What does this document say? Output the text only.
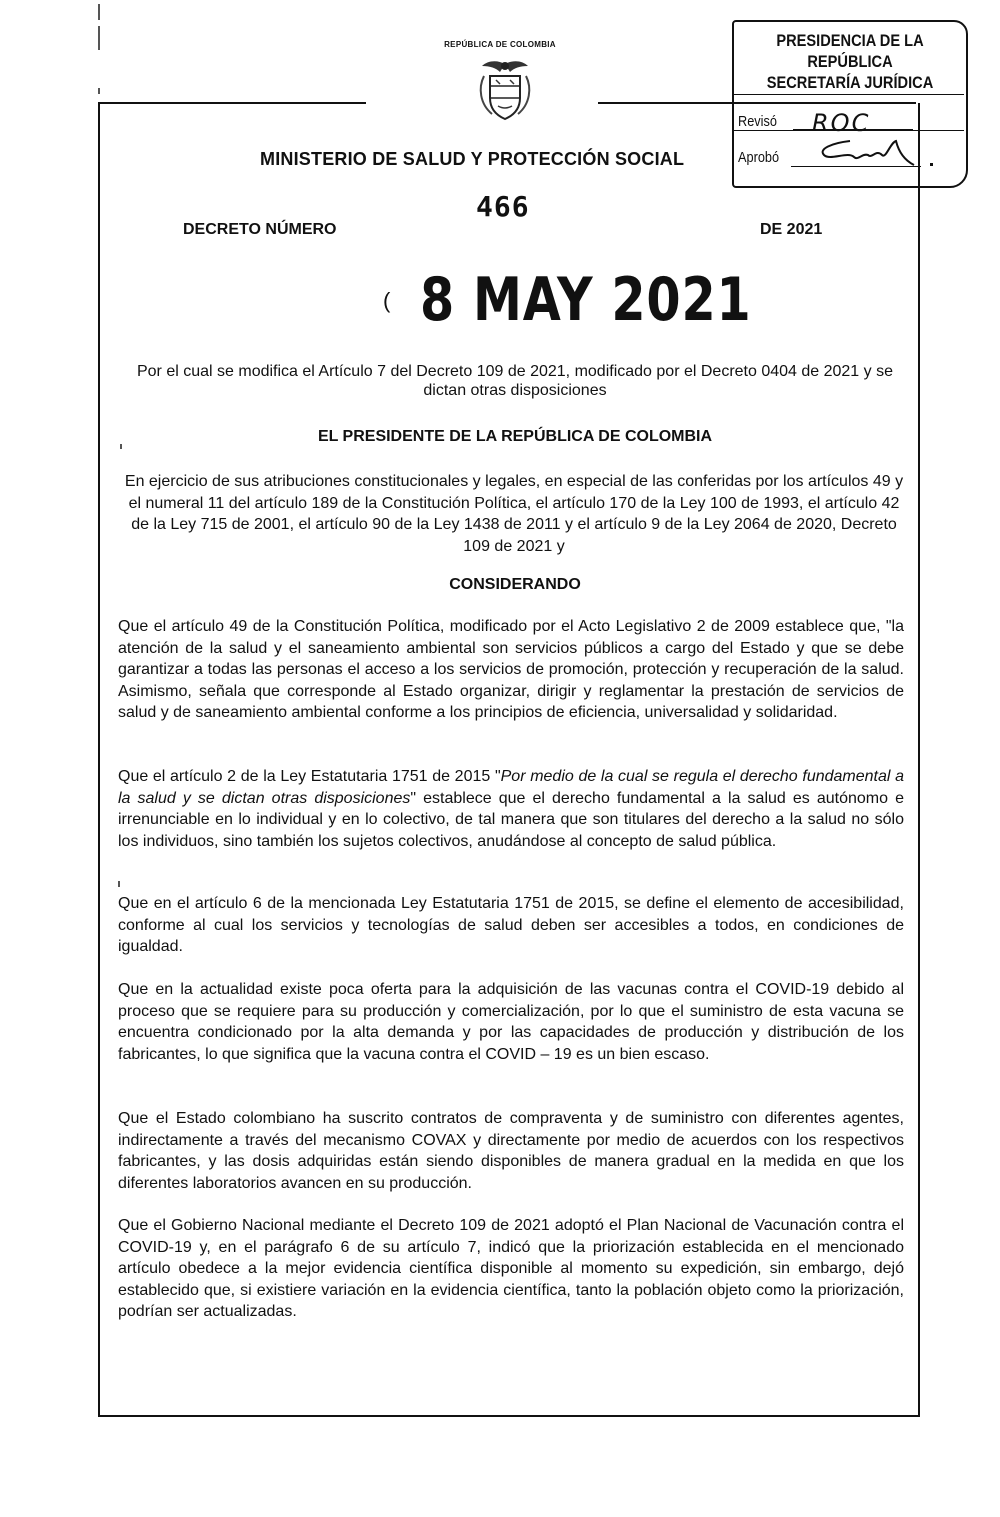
REPÚBLICA DE COLOMBIA
MINISTERIO DE SALUD Y PROTECCIÓN SOCIAL
DECRETO NÚMERO
466
DE 2021
( 8 MAY 2021
PRESIDENCIA DE LA REPÚBLICA
SECRETARÍA JURÍDICA
Revisó ROC
Aprobó
Por el cual se modifica el Artículo 7 del Decreto 109 de 2021, modificado por el Decreto 0404 de 2021 y se dictan otras disposiciones
EL PRESIDENTE DE LA REPÚBLICA DE COLOMBIA
En ejercicio de sus atribuciones constitucionales y legales, en especial de las conferidas por los artículos 49 y el numeral 11 del artículo 189 de la Constitución Política, el artículo 170 de la Ley 100 de 1993, el artículo 42 de la Ley 715 de 2001, el artículo 90 de la Ley 1438 de 2011 y el artículo 9 de la Ley 2064 de 2020, Decreto 109 de 2021 y
CONSIDERANDO
Que el artículo 49 de la Constitución Política, modificado por el Acto Legislativo 2 de 2009 establece que, "la atención de la salud y el saneamiento ambiental son servicios públicos a cargo del Estado y que se debe garantizar a todas las personas el acceso a los servicios de promoción, protección y recuperación de la salud. Asimismo, señala que corresponde al Estado organizar, dirigir y reglamentar la prestación de servicios de salud y de saneamiento ambiental conforme a los principios de eficiencia, universalidad y solidaridad.
Que el artículo 2 de la Ley Estatutaria 1751 de 2015 "Por medio de la cual se regula el derecho fundamental a la salud y se dictan otras disposiciones" establece que el derecho fundamental a la salud es autónomo e irrenunciable en lo individual y en lo colectivo, de tal manera que son titulares del derecho a la salud no sólo los individuos, sino también los sujetos colectivos, anudándose al concepto de salud pública.
Que en el artículo 6 de la mencionada Ley Estatutaria 1751 de 2015, se define el elemento de accesibilidad, conforme al cual los servicios y tecnologías de salud deben ser accesibles a todos, en condiciones de igualdad.
Que en la actualidad existe poca oferta para la adquisición de las vacunas contra el COVID-19 debido al proceso que se requiere para su producción y comercialización, por lo que el suministro de esta vacuna se encuentra condicionado por la alta demanda y por las capacidades de producción y distribución de los fabricantes, lo que significa que la vacuna contra el COVID – 19 es un bien escaso.
Que el Estado colombiano ha suscrito contratos de compraventa y de suministro con diferentes agentes, indirectamente a través del mecanismo COVAX y directamente por medio de acuerdos con los respectivos fabricantes, y las dosis adquiridas están siendo disponibles de manera gradual en la medida en que los diferentes laboratorios avancen en su producción.
Que el Gobierno Nacional mediante el Decreto 109 de 2021 adoptó el Plan Nacional de Vacunación contra el COVID-19 y, en el parágrafo 6 de su artículo 7, indicó que la priorización establecida en el mencionado artículo obedece a la mejor evidencia científica disponible al momento su expedición, sin embargo, dejó establecido que, si existiere variación en la evidencia científica, tanto la población objeto como la priorización, podrían ser actualizadas.
